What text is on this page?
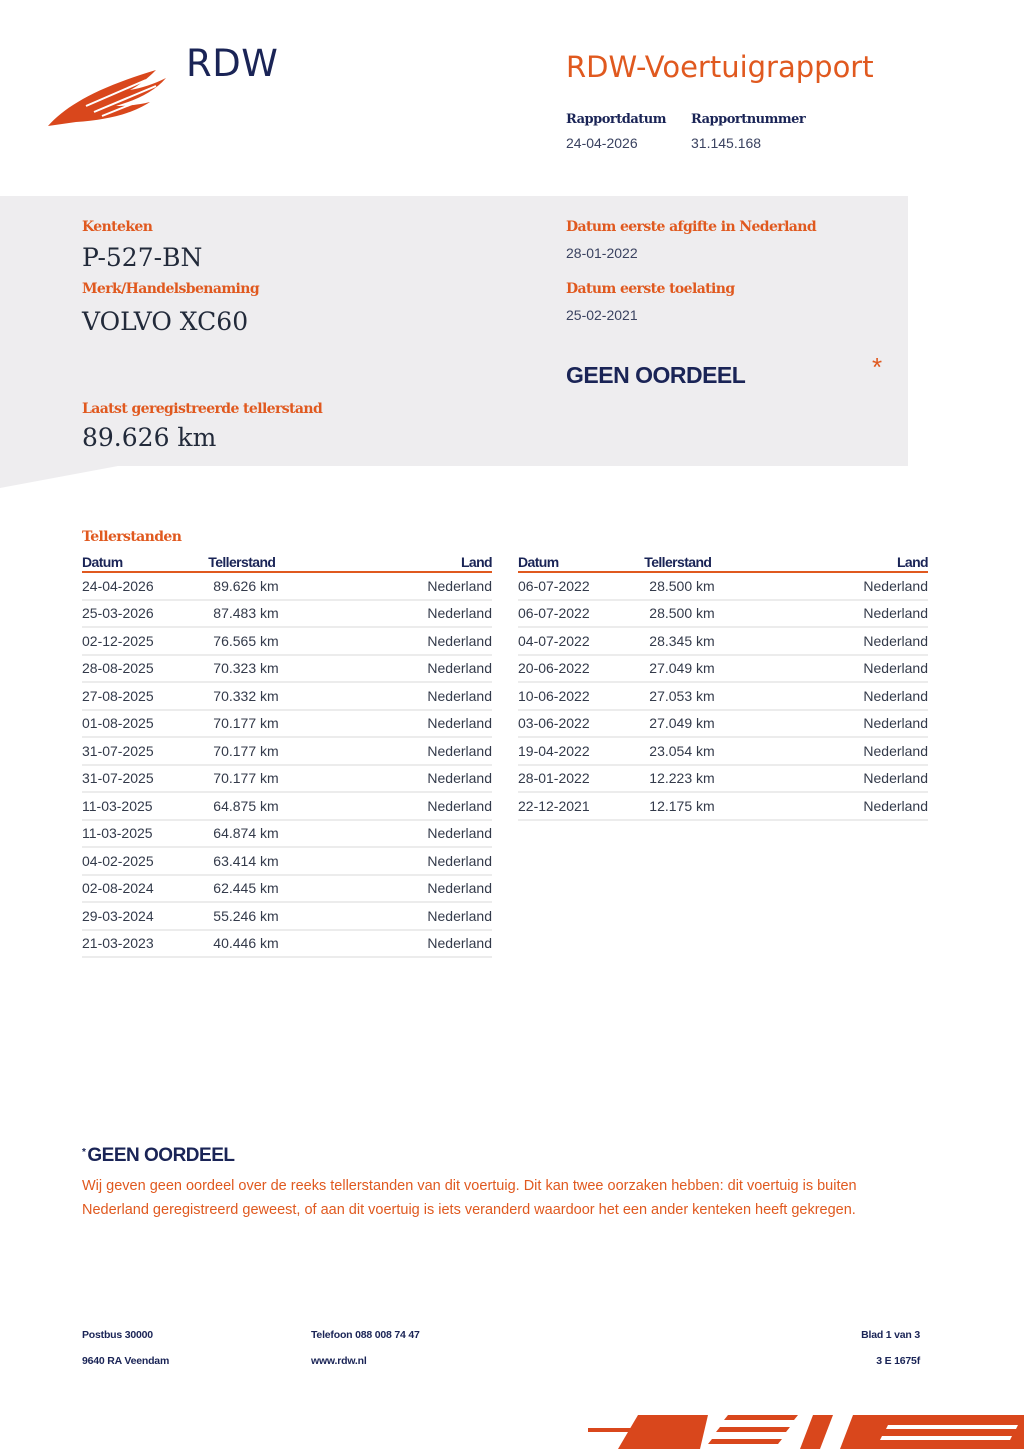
RDW	RDW-Voertuigrapport
Rapportdatum
24-04-2026
Rapportnummer
31.145.168
Kenteken
P-527-BN
Merk/Handelsbenaming
VOLVO XC60
Laatst geregistreerde tellerstand
89.626 km
Datum eerste afgifte in Nederland
28-01-2022
Datum eerste toelating
25-02-2021
GEEN OORDEEL	*
Tellerstanden
Datum	Tellerstand	Land
24-04-2026	89.626 km	Nederland
25-03-2026	87.483 km	Nederland
02-12-2025	76.565 km	Nederland
28-08-2025	70.323 km	Nederland
27-08-2025	70.332 km	Nederland
01-08-2025	70.177 km	Nederland
31-07-2025	70.177 km	Nederland
31-07-2025	70.177 km	Nederland
11-03-2025	64.875 km	Nederland
11-03-2025	64.874 km	Nederland
04-02-2025	63.414 km	Nederland
02-08-2024	62.445 km	Nederland
29-03-2024	55.246 km	Nederland
21-03-2023	40.446 km	Nederland
Datum	Tellerstand	Land
06-07-2022	28.500 km	Nederland
06-07-2022	28.500 km	Nederland
04-07-2022	28.345 km	Nederland
20-06-2022	27.049 km	Nederland
10-06-2022	27.053 km	Nederland
03-06-2022	27.049 km	Nederland
19-04-2022	23.054 km	Nederland
28-01-2022	12.223 km	Nederland
22-12-2021	12.175 km	Nederland
* GEEN OORDEEL
Wij geven geen oordeel over de reeks tellerstanden van dit voertuig. Dit kan twee oorzaken hebben: dit voertuig is buiten Nederland geregistreerd geweest, of aan dit voertuig is iets veranderd waardoor het een ander kenteken heeft gekregen.
Postbus 30000
9640 RA Veendam
Telefoon 088 008 74 47
www.rdw.nl
Blad 1 van 3
3 E 1675f
